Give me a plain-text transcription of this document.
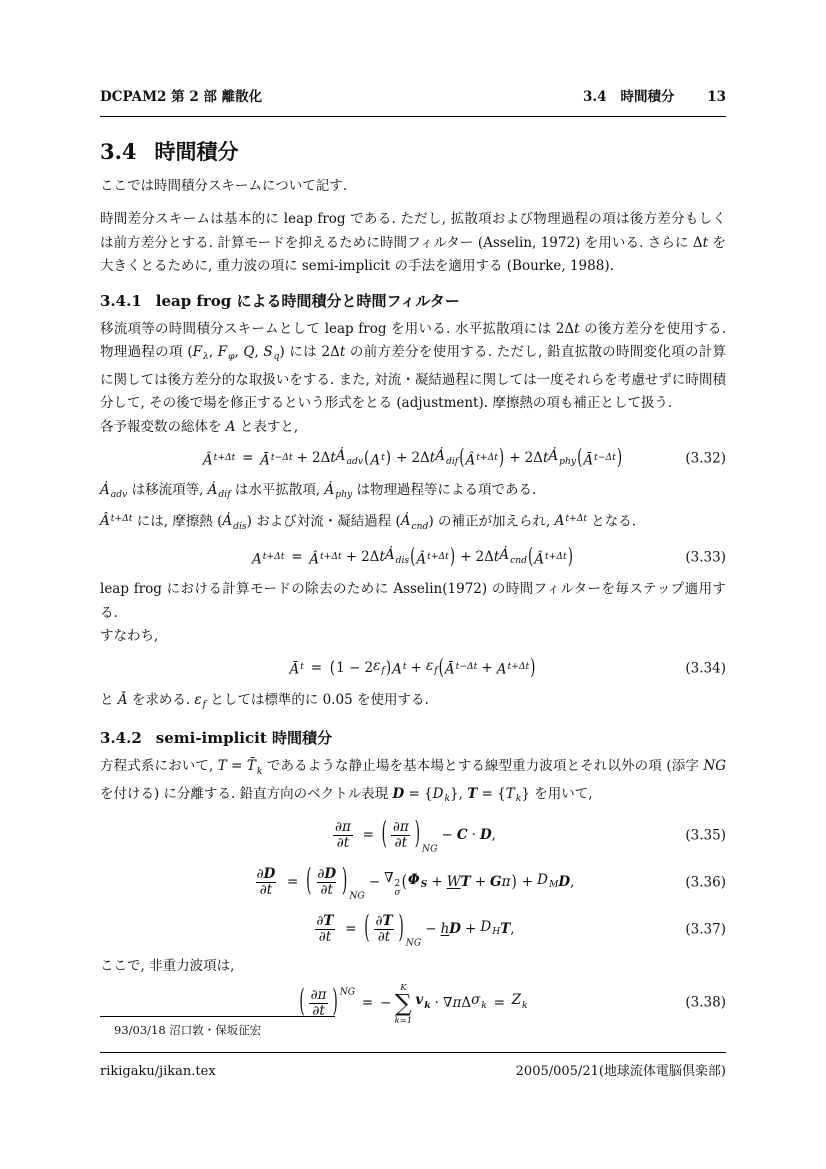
DCPAM2 第 2 部 離散化	3.4 時間積分 13
3.4 時間積分

ここでは時間積分スキームについて記す.

時間差分スキームは基本的に leap frog である. ただし, 拡散項および物理過程の項は後方差分もしくは前方差分とする. 計算モードを抑えるために時間フィルター (Asselin, 1972) を用いる. さらに Δt を大きくとるために, 重力波の項に semi-implicit の手法を適用する (Bourke, 1988).

3.4.1 leap frog による時間積分と時間フィルター

移流項等の時間積分スキームとして leap frog を用いる. 水平拡散項には 2Δt の後方差分を使用する. 物理過程の項 ($F_\lambda$, $F_\varphi$, Q, $S_q$) には 2Δt の前方差分を使用する. ただし, 鉛直拡散の時間変化項の計算に関しては後方差分的な取扱いをする. また, 対流・凝結過程に関しては一度それらを考慮せずに時間積分して, その後で場を修正するという形式をとる (adjustment). 摩擦熱の項も補正として扱う.

各予報変数の総体を A と表すと,

$Â^{t+\Delta t}$ = $Ā^{t-\Delta t} + 2\Delta$ t $Ȧ_{adv}$ ( $A^t$ ) + 2Δ t $Ȧ_{dif}$ ( $Â^{t+\Delta t}$ ) + 2Δ t $Ȧ_{phy}$ ( $Ā^{t-\Delta t}$ )	(3.32)

$Ȧ_{adv}$ は移流項等, $Ȧ_{dif}$ は水平拡散項, $Ȧ_{phy}$ は物理過程等による項である.

$Â^{t+\Delta t}$ には, 摩擦熱 $(Ȧ_{dis})$ および対流・凝結過程 $(Ȧ_{cnd})$ の補正が加えられ, $A^{t+\Delta t}$ となる.

$A^{t+\Delta t}$ = $Â^{t+\Delta t} + 2\Delta$ t $Ȧ_{dis}$ ( $Â^{t+\Delta t}$ ) + 2Δ t $Ȧ_{cnd}$ ( $Â^{t+\Delta t}$ )	(3.33)

leap frog における計算モードの除去のために Asselin(1972) の時間フィルターを毎ステップ適用する.

すなわち,

$Ā^t$ = ( 1 − 2 $\varepsilon_f$ ) $A^t + \varepsilon_f$ ( $Ā^{t-\Delta t} + A^{t+\Delta t}$ )	(3.34)

と Ā を求める. $\varepsilon_f$ としては標準的に 0.05 を使用する.

3.4.2 semi-implicit 時間積分

方程式系において, $T = T̄_k$ であるような静止場を基本場とする線型重力波項とそれ以外の項 (添字 NG を付ける) に分離する. 鉛直方向のベクトル表現 $D = \{D_k\}$, $T = \{T_k\}$ を用いて,

$\frac{\partial \pi}{\partial t}$ = ( $\frac{\partial \pi}{\partial t}$ ) NG
− C · D ,	(3.35)
$\frac{\partial D}{\partial t}$ = ( $\frac{\partial D}{\partial t}$ ) NG
− ∇ 2
σ
( $\Phi_S + W$ T + G π ) + $D_M$ D ,	(3.36)
$\frac{\partial T}{\partial t}$ = ( $\frac{\partial T}{\partial t}$ ) NG
− h $D + D_H$ T ,	(3.37)

ここで, 非重力波項は,

( $\frac{\partial \pi}{\partial t}$ ) NG
= −
K
∑
k=1
$v_k$ · ∇ π Δ $\sigma_k = Z_k$	(3.38)
93/03/18 沼口敦・保坂征宏
rikigaku/jikan.tex	2005/005/21(地球流体電脳倶楽部)
